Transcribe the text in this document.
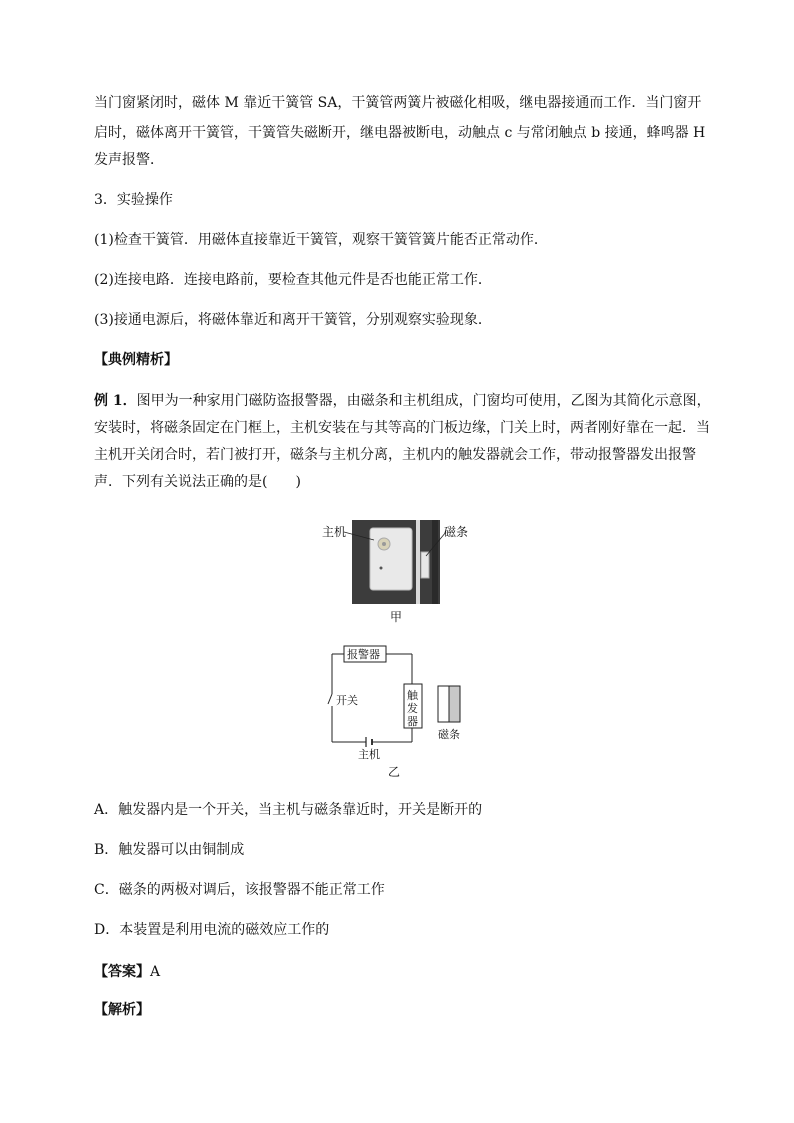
当门窗紧闭时，磁体 M 靠近干簧管 SA，干簧管两簧片被磁化相吸，继电器接通而工作．当门窗开

启时，磁体离开干簧管，干簧管失磁断开，继电器被断电，动触点 c 与常闭触点 b 接通，蜂鸣器 H

发声报警．

3．实验操作

(1)检查干簧管．用磁体直接靠近干簧管，观察干簧管簧片能否正常动作．

(2)连接电路．连接电路前，要检查其他元件是否也能正常工作．

(3)接通电源后，将磁体靠近和离开干簧管，分别观察实验现象．

【典例精析】

例 1．图甲为一种家用门磁防盗报警器，由磁条和主机组成，门窗均可使用，乙图为其简化示意图，

安装时，将磁条固定在门框上，主机安装在与其等高的门板边缘，门关上时，两者刚好靠在一起．当

主机开关闭合时，若门被打开，磁条与主机分离，主机内的触发器就会工作，带动报警器发出报警

声．下列有关说法正确的是(　　)

主机	磁条
甲
报警器
开关	触
发
器
磁条
主机
乙

A．触发器内是一个开关，当主机与磁条靠近时，开关是断开的

B．触发器可以由铜制成

C．磁条的两极对调后，该报警器不能正常工作

D．本装置是利用电流的磁效应工作的

【答案】A

【解析】
